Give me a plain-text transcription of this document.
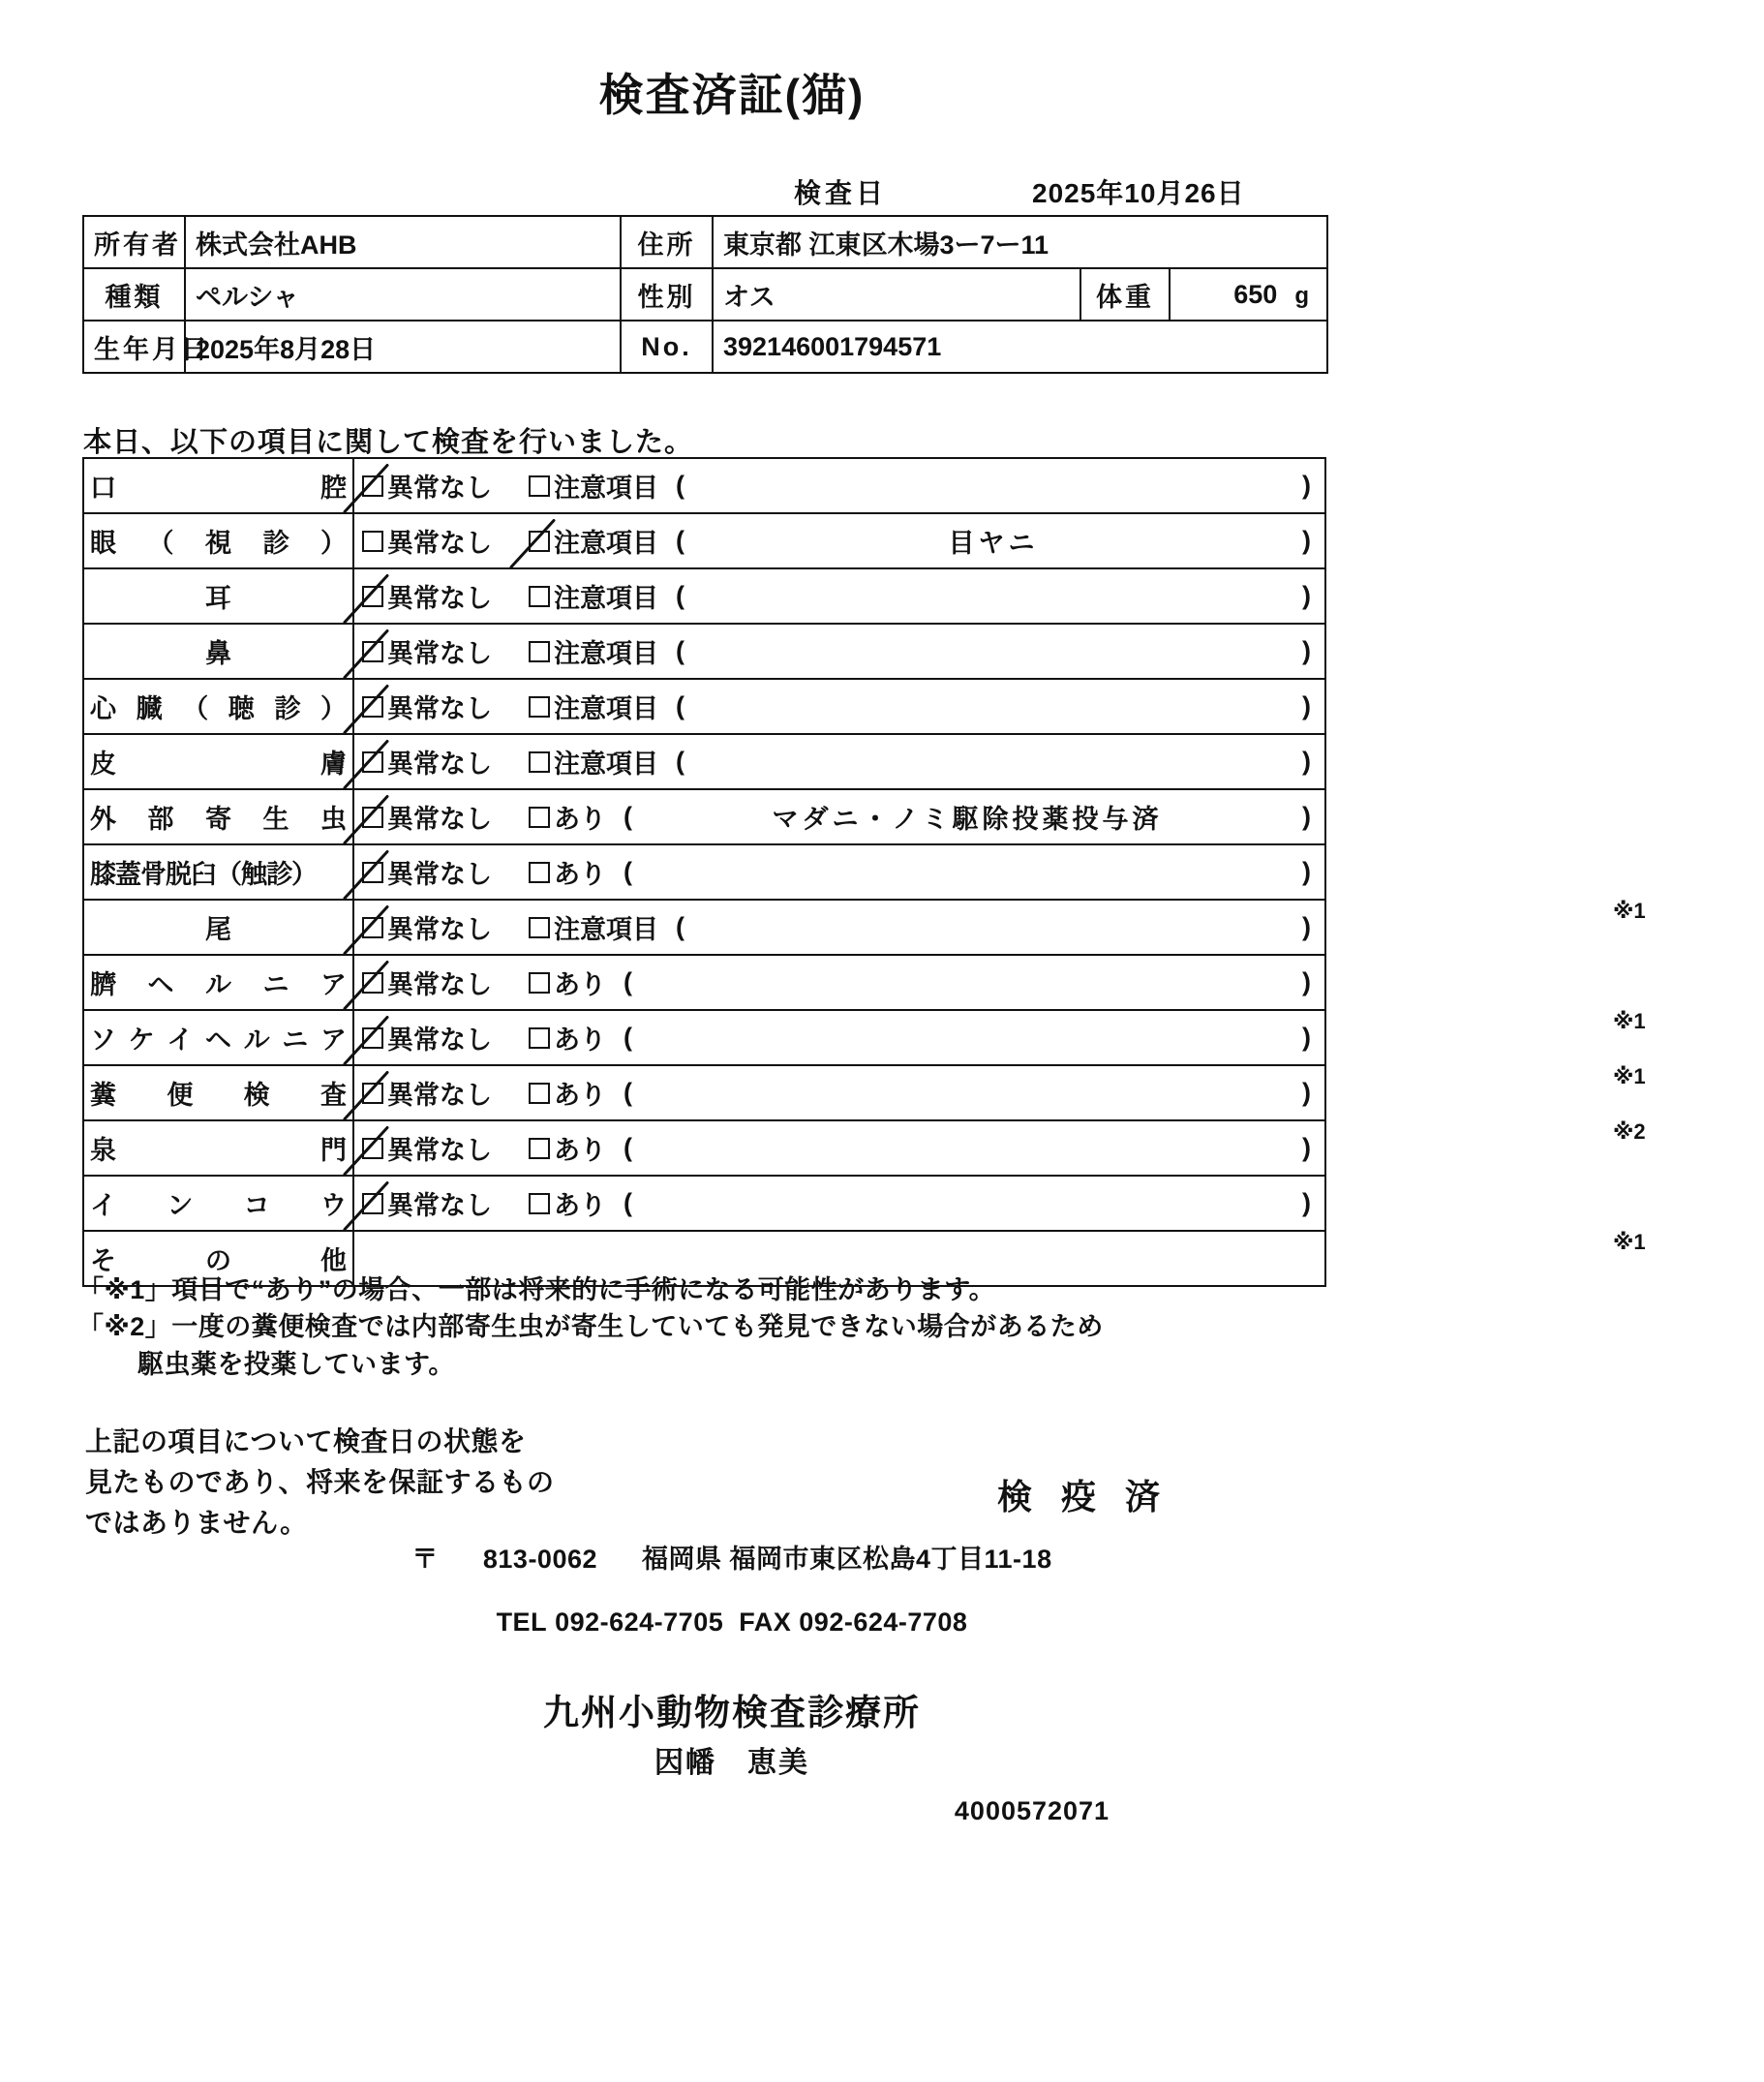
検査済証(猫)
検査日	2025年10月26日
所有者	株式会社AHB	住所	東京都 江東区木場3ー7ー11		
種類	ペルシャ	性別	オス	体重	650 g

生年月日	2025年8月28日	No.	392146001794571		
本日、以下の項目に関して検査を行いました。
口 腔	異常なし 注意項目 ( )

眼 （ 視 診 ）	異常なし 注意項目 ( 目ヤニ )

耳	異常なし 注意項目 ( )

鼻	異常なし 注意項目 ( )

心 臓 （ 聴 診 ）	異常なし 注意項目 (	)

皮 膚	異常なし 注意項目 ( )

外 部 寄 生 虫	異常なし あり ( マダニ・ノミ駆除投薬投与済 )

膝蓋骨脱臼（触診）	異常なし あり ( )
※1

尾	異常なし 注意項目 ( )

臍 ヘ ル ニ ア	異常なし あり ( )
※1

ソ ケ イ ヘ ル ニ ア	異常なし あり (	)
※1

糞 便 検 査	異常なし あり ( )
※2

泉 門	異常なし あり ( )

イ ン コ ウ	異常なし あり ( )
※1

そ の 他	

「※1」項目で“あり”の場合、一部は将来的に手術になる可能性があります。
「※2」一度の糞便検査では内部寄生虫が寄生していても発見できない場合があるため
駆虫薬を投薬しています。
上記の項目について検査日の状態を
見たものであり、将来を保証するもの
ではありません。
検 疫 済
〒 813-0062 福岡県 福岡市東区松島4丁目11-18
TEL 092-624-7705 FAX 092-624-7708
九州小動物検査診療所
因幡　恵美
4000572071
